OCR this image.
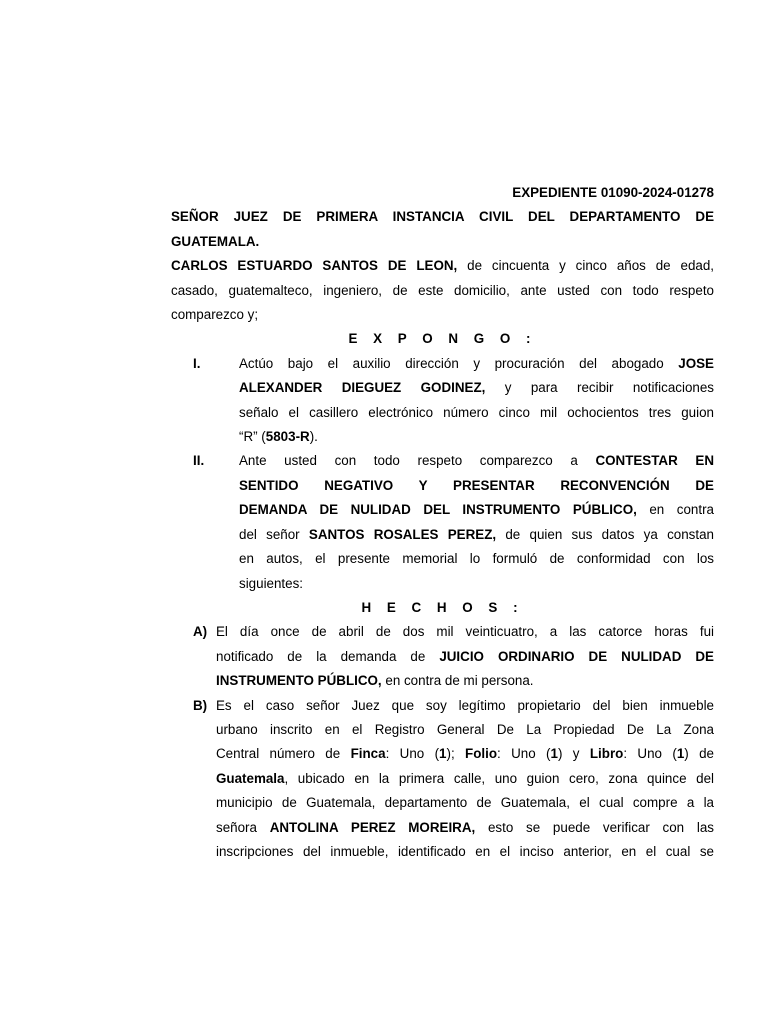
EXPEDIENTE 01090-2024-01278
SEÑOR JUEZ DE PRIMERA INSTANCIA CIVIL DEL DEPARTAMENTO DE
GUATEMALA.
CARLOS ESTUARDO SANTOS DE LEON, de cincuenta y cinco años de edad,
casado, guatemalteco, ingeniero, de este domicilio, ante usted con todo respeto
comparezco y;
E X P O N G O :
I.	Actúo bajo el auxilio dirección y procuración del abogado JOSE
ALEXANDER DIEGUEZ GODINEZ, y para recibir notificaciones
señalo el casillero electrónico número cinco mil ochocientos tres guion
“R” (5803-R).
II.	Ante usted con todo respeto comparezco a CONTESTAR EN
SENTIDO NEGATIVO Y PRESENTAR RECONVENCIÓN DE
DEMANDA DE NULIDAD DEL INSTRUMENTO PÚBLICO, en contra
del señor SANTOS ROSALES PEREZ, de quien sus datos ya constan
en autos, el presente memorial lo formuló de conformidad con los
siguientes:
H E C H O S :
A) El día once de abril de dos mil veinticuatro, a las catorce horas fui
notificado de la demanda de JUICIO ORDINARIO DE NULIDAD DE
INSTRUMENTO PÚBLICO, en contra de mi persona.
B) Es el caso señor Juez que soy legítimo propietario del bien inmueble
urbano inscrito en el Registro General De La Propiedad De La Zona
Central número de Finca: Uno (1); Folio: Uno (1) y Libro: Uno (1) de
Guatemala, ubicado en la primera calle, uno guion cero, zona quince del
municipio de Guatemala, departamento de Guatemala, el cual compre a la
señora ANTOLINA PEREZ MOREIRA, esto se puede verificar con las
inscripciones del inmueble, identificado en el inciso anterior, en el cual se
